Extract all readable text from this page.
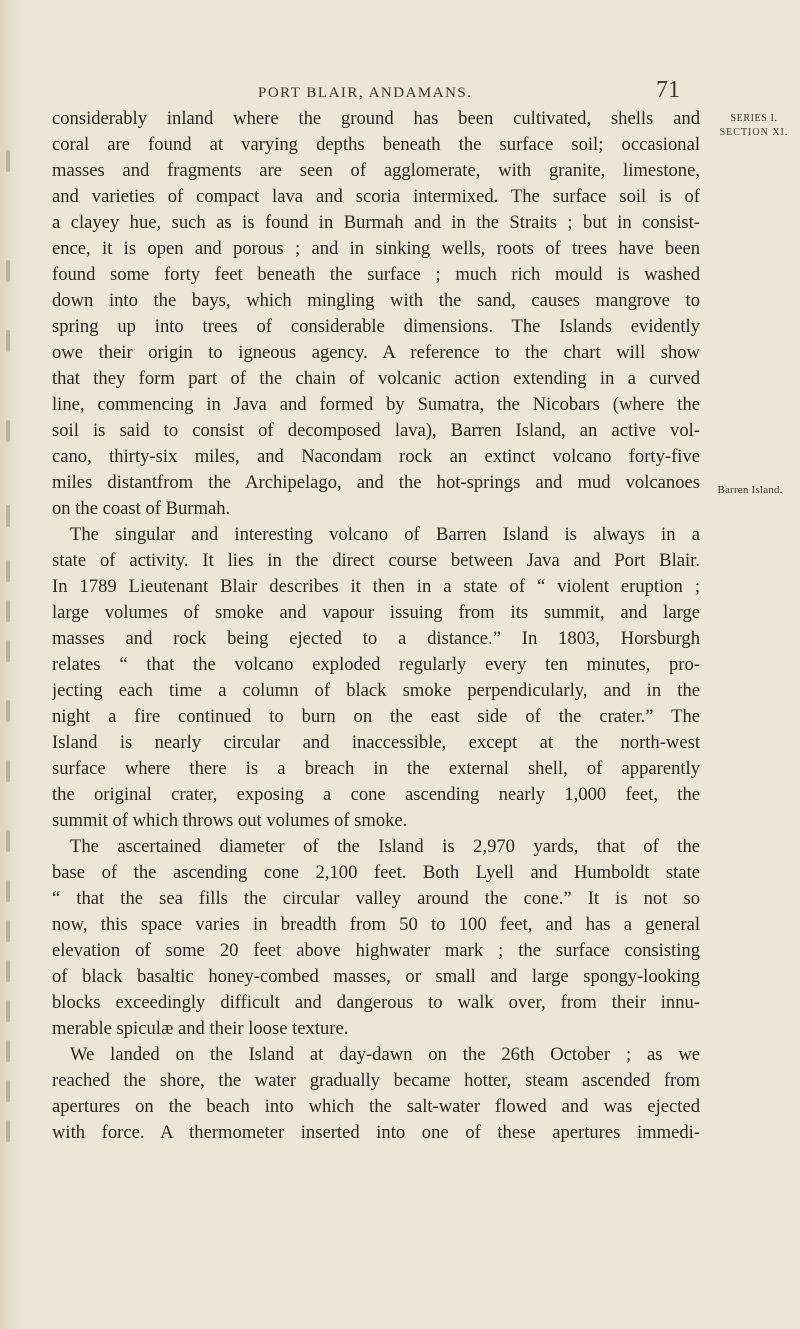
PORT BLAIR, ANDAMANS.	71
SERIES I.
SECTION XI.
Barren Island.
considerably inland where the ground has been cultivated, shells and
coral are found at varying depths beneath the surface soil; occasional
masses and fragments are seen of agglomerate, with granite, limestone,
and varieties of compact lava and scoria intermixed. The surface soil is of
a clayey hue, such as is found in Burmah and in the Straits ; but in consist-
ence, it is open and porous ; and in sinking wells, roots of trees have been
found some forty feet beneath the surface ; much rich mould is washed
down into the bays, which mingling with the sand, causes mangrove to
spring up into trees of considerable dimensions. The Islands evidently
owe their origin to igneous agency. A reference to the chart will show
that they form part of the chain of volcanic action extending in a curved
line, commencing in Java and formed by Sumatra, the Nicobars (where the
soil is said to consist of decomposed lava), Barren Island, an active vol-
cano, thirty-six miles, and Nacondam rock an extinct volcano forty-five
miles distantfrom the Archipelago, and the hot-springs and mud volcanoes
on the coast of Burmah.
The singular and interesting volcano of Barren Island is always in a
state of activity. It lies in the direct course between Java and Port Blair.
In 1789 Lieutenant Blair describes it then in a state of “ violent eruption ;
large volumes of smoke and vapour issuing from its summit, and large
masses and rock being ejected to a distance.” In 1803, Horsburgh
relates “ that the volcano exploded regularly every ten minutes, pro-
jecting each time a column of black smoke perpendicularly, and in the
night a fire continued to burn on the east side of the crater.” The
Island is nearly circular and inaccessible, except at the north-west
surface where there is a breach in the external shell, of apparently
the original crater, exposing a cone ascending nearly 1,000 feet, the
summit of which throws out volumes of smoke.
The ascertained diameter of the Island is 2,970 yards, that of the
base of the ascending cone 2,100 feet. Both Lyell and Humboldt state
“ that the sea fills the circular valley around the cone.” It is not so
now, this space varies in breadth from 50 to 100 feet, and has a general
elevation of some 20 feet above highwater mark ; the surface consisting
of black basaltic honey-combed masses, or small and large spongy-looking
blocks exceedingly difficult and dangerous to walk over, from their innu-
merable spiculæ and their loose texture.
We landed on the Island at day-dawn on the 26th October ; as we
reached the shore, the water gradually became hotter, steam ascended from
apertures on the beach into which the salt-water flowed and was ejected
with force. A thermometer inserted into one of these apertures immedi-
